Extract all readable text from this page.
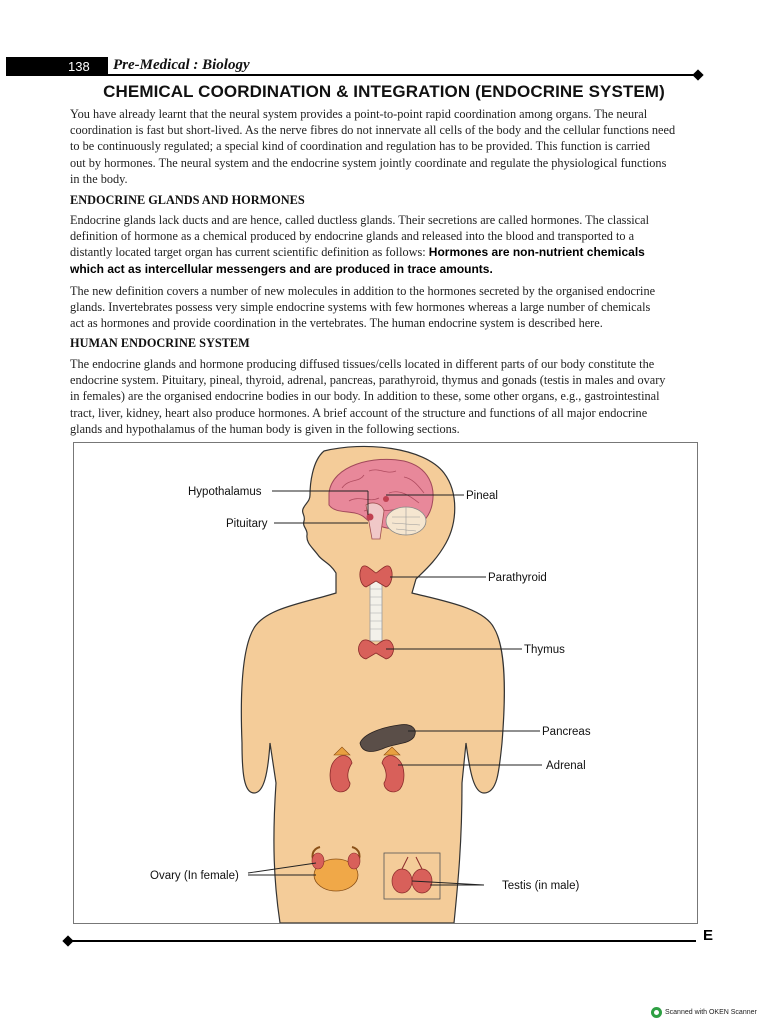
138 Pre-Medical : Biology
CHEMICAL COORDINATION & INTEGRATION (ENDOCRINE SYSTEM)
You have already learnt that the neural system provides a point-to-point rapid coordination among organs. The neural
coordination is fast but short-lived. As the nerve fibres do not innervate all cells of the body and the cellular functions need
to be continuously regulated; a special kind of coordination and regulation has to be provided. This function is carried
out by hormones. The neural system and the endocrine system jointly coordinate and regulate the physiological functions
in the body.
ENDOCRINE GLANDS AND HORMONES
Endocrine glands lack ducts and are hence, called ductless glands. Their secretions are called hormones. The classical
definition of hormone as a chemical produced by endocrine glands and released into the blood and transported to a
distantly located target organ has current scientific definition as follows: Hormones are non-nutrient chemicals
which act as intercellular messengers and are produced in trace amounts.
The new definition covers a number of new molecules in addition to the hormones secreted by the organised endocrine
glands. Invertebrates possess very simple endocrine systems with few hormones whereas a large number of chemicals
act as hormones and provide coordination in the vertebrates. The human endocrine system is described here.
HUMAN ENDOCRINE SYSTEM
The endocrine glands and hormone producing diffused tissues/cells located in different parts of our body constitute the
endocrine system. Pituitary, pineal, thyroid, adrenal, pancreas, parathyroid, thymus and gonads (testis in males and ovary
in females) are the organised endocrine bodies in our body. In addition to these, some other organs, e.g., gastrointestinal
tract, liver, kidney, heart also produce hormones. A brief account of the structure and functions of all major endocrine
glands and hypothalamus of the human body is given in the following sections.
Hypothalamus
Pituitary
Pineal
Parathyroid
Thymus
Pancreas
Adrenal
Ovary (In female)
Testis (in male)
E
Scanned with OKEN Scanner
